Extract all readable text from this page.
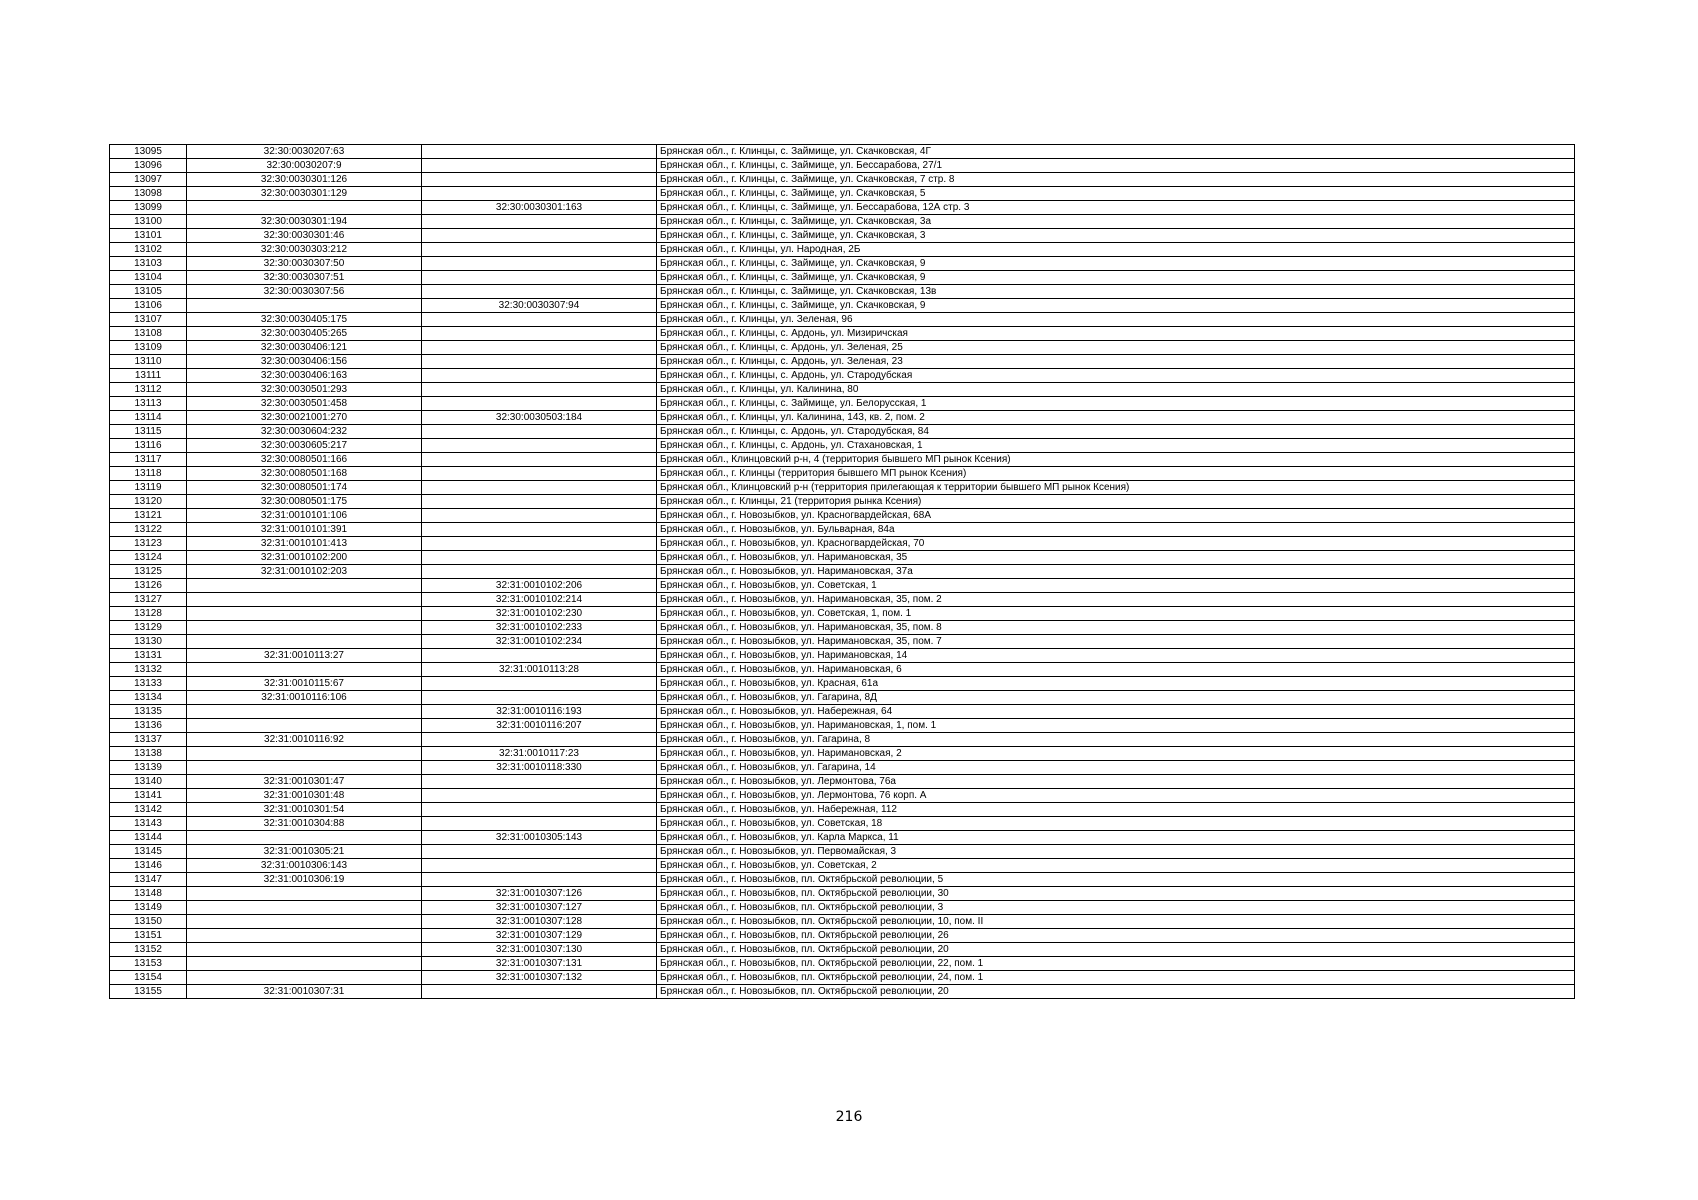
13095	32:30:0030207:63		Брянская обл., г. Клинцы, с. Займище, ул. Скачковская, 4Г
13096	32:30:0030207:9		Брянская обл., г. Клинцы, с. Займище, ул. Бессарабова, 27/1
13097	32:30:0030301:126		Брянская обл., г. Клинцы, с. Займище, ул. Скачковская, 7 стр. 8
13098	32:30:0030301:129		Брянская обл., г. Клинцы, с. Займище, ул. Скачковская, 5
13099		32:30:0030301:163	Брянская обл., г. Клинцы, с. Займище, ул. Бессарабова, 12А стр. 3
13100	32:30:0030301:194		Брянская обл., г. Клинцы, с. Займище, ул. Скачковская, 3а
13101	32:30:0030301:46		Брянская обл., г. Клинцы, с. Займище, ул. Скачковская, 3
13102	32:30:0030303:212		Брянская обл., г. Клинцы, ул. Народная, 2Б
13103	32:30:0030307:50		Брянская обл., г. Клинцы, с. Займище, ул. Скачковская, 9
13104	32:30:0030307:51		Брянская обл., г. Клинцы, с. Займище, ул. Скачковская, 9
13105	32:30:0030307:56		Брянская обл., г. Клинцы, с. Займище, ул. Скачковская, 13в
13106		32:30:0030307:94	Брянская обл., г. Клинцы, с. Займище, ул. Скачковская, 9
13107	32:30:0030405:175		Брянская обл., г. Клинцы, ул. Зеленая, 96
13108	32:30:0030405:265		Брянская обл., г. Клинцы, с. Ардонь, ул. Мизиричская
13109	32:30:0030406:121		Брянская обл., г. Клинцы, с. Ардонь, ул. Зеленая, 25
13110	32:30:0030406:156		Брянская обл., г. Клинцы, с. Ардонь, ул. Зеленая, 23
13111	32:30:0030406:163		Брянская обл., г. Клинцы, с. Ардонь, ул. Стародубская
13112	32:30:0030501:293		Брянская обл., г. Клинцы, ул. Калинина, 80
13113	32:30:0030501:458		Брянская обл., г. Клинцы, с. Займище, ул. Белорусская, 1
13114	32:30:0021001:270	32:30:0030503:184	Брянская обл., г. Клинцы, ул. Калинина, 143, кв. 2, пом. 2
13115	32:30:0030604:232		Брянская обл., г. Клинцы, с. Ардонь, ул. Стародубская, 84
13116	32:30:0030605:217		Брянская обл., г. Клинцы, с. Ардонь, ул. Стахановская, 1
13117	32:30:0080501:166		Брянская обл., Клинцовский р-н, 4 (территория бывшего МП рынок Ксения)
13118	32:30:0080501:168		Брянская обл., г. Клинцы (территория бывшего МП рынок Ксения)
13119	32:30:0080501:174		Брянская обл., Клинцовский р-н (территория прилегающая к территории бывшего МП рынок Ксения)
13120	32:30:0080501:175		Брянская обл., г. Клинцы, 21 (территория рынка Ксения)
13121	32:31:0010101:106		Брянская обл., г. Новозыбков, ул. Красногвардейская, 68А
13122	32:31:0010101:391		Брянская обл., г. Новозыбков, ул. Бульварная, 84а
13123	32:31:0010101:413		Брянская обл., г. Новозыбков, ул. Красногвардейская, 70
13124	32:31:0010102:200		Брянская обл., г. Новозыбков, ул. Наримановская, 35
13125	32:31:0010102:203		Брянская обл., г. Новозыбков, ул. Наримановская, 37а
13126		32:31:0010102:206	Брянская обл., г. Новозыбков, ул. Советская, 1
13127		32:31:0010102:214	Брянская обл., г. Новозыбков, ул. Наримановская, 35, пом. 2
13128		32:31:0010102:230	Брянская обл., г. Новозыбков, ул. Советская, 1, пом. 1
13129		32:31:0010102:233	Брянская обл., г. Новозыбков, ул. Наримановская, 35, пом. 8
13130		32:31:0010102:234	Брянская обл., г. Новозыбков, ул. Наримановская, 35, пом. 7
13131	32:31:0010113:27		Брянская обл., г. Новозыбков, ул. Наримановская, 14
13132		32:31:0010113:28	Брянская обл., г. Новозыбков, ул. Наримановская, 6
13133	32:31:0010115:67		Брянская обл., г. Новозыбков, ул. Красная, 61а
13134	32:31:0010116:106		Брянская обл., г. Новозыбков, ул. Гагарина, 8Д
13135		32:31:0010116:193	Брянская обл., г. Новозыбков, ул. Набережная, 64
13136		32:31:0010116:207	Брянская обл., г. Новозыбков, ул. Наримановская, 1, пом. 1
13137	32:31:0010116:92		Брянская обл., г. Новозыбков, ул. Гагарина, 8
13138		32:31:0010117:23	Брянская обл., г. Новозыбков, ул. Наримановская, 2
13139		32:31:0010118:330	Брянская обл., г. Новозыбков, ул. Гагарина, 14
13140	32:31:0010301:47		Брянская обл., г. Новозыбков, ул. Лермонтова, 76а
13141	32:31:0010301:48		Брянская обл., г. Новозыбков, ул. Лермонтова, 76 корп. А
13142	32:31:0010301:54		Брянская обл., г. Новозыбков, ул. Набережная, 112
13143	32:31:0010304:88		Брянская обл., г. Новозыбков, ул. Советская, 18
13144		32:31:0010305:143	Брянская обл., г. Новозыбков, ул. Карла Маркса, 11
13145	32:31:0010305:21		Брянская обл., г. Новозыбков, ул. Первомайская, 3
13146	32:31:0010306:143		Брянская обл., г. Новозыбков, ул. Советская, 2
13147	32:31:0010306:19		Брянская обл., г. Новозыбков, пл. Октябрьской революции, 5
13148		32:31:0010307:126	Брянская обл., г. Новозыбков, пл. Октябрьской революции, 30
13149		32:31:0010307:127	Брянская обл., г. Новозыбков, пл. Октябрьской революции, 3
13150		32:31:0010307:128	Брянская обл., г. Новозыбков, пл. Октябрьской революции, 10, пом. II
13151		32:31:0010307:129	Брянская обл., г. Новозыбков, пл. Октябрьской революции, 26
13152		32:31:0010307:130	Брянская обл., г. Новозыбков, пл. Октябрьской революции, 20
13153		32:31:0010307:131	Брянская обл., г. Новозыбков, пл. Октябрьской революции, 22, пом. 1
13154		32:31:0010307:132	Брянская обл., г. Новозыбков, пл. Октябрьской революции, 24, пом. 1
13155	32:31:0010307:31		Брянская обл., г. Новозыбков, пл. Октябрьской революции, 20
216
